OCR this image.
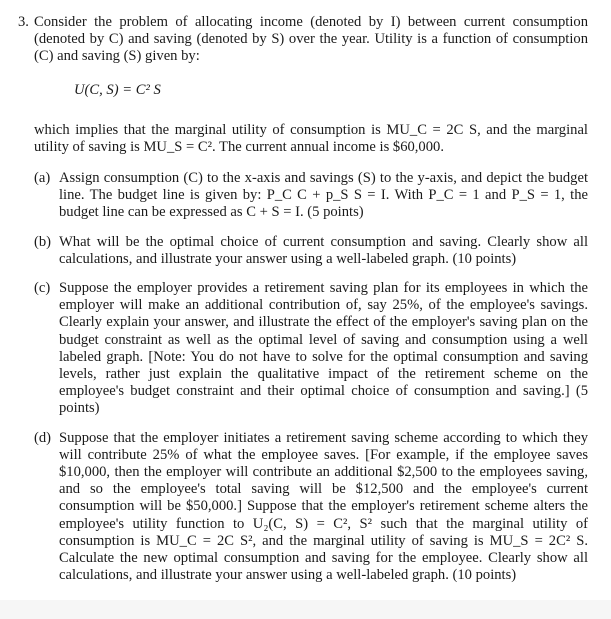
3. Consider the problem of allocating income (denoted by I) between current consumption (denoted by C) and saving (denoted by S) over the year. Utility is a function of consumption (C) and saving (S) given by:
U(C, S) = C² S
which implies that the marginal utility of consumption is MU_C = 2C S, and the marginal utility of saving is MU_S = C². The current annual income is $60,000.
(a) Assign consumption (C) to the x-axis and savings (S) to the y-axis, and depict the budget line. The budget line is given by: P_C C + p_S S = I. With P_C = 1 and P_S = 1, the budget line can be expressed as C + S = I. (5 points)
(b) What will be the optimal choice of current consumption and saving. Clearly show all calculations, and illustrate your answer using a well-labeled graph. (10 points)
(c) Suppose the employer provides a retirement saving plan for its employees in which the employer will make an additional contribution of, say 25%, of the employee's savings. Clearly explain your answer, and illustrate the effect of the employer's saving plan on the budget constraint as well as the optimal level of saving and consumption using a well labeled graph. [Note: You do not have to solve for the optimal consumption and saving levels, rather just explain the qualitative impact of the retirement scheme on the employee's budget constraint and their optimal choice of consumption and saving.] (5 points)
(d) Suppose that the employer initiates a retirement saving scheme according to which they will contribute 25% of what the employee saves. [For example, if the employee saves $10,000, then the employer will contribute an additional $2,500 to the employees saving, and so the employee's total saving will be $12,500 and the employee's current consumption will be $50,000.] Suppose that the employer's retirement scheme alters the employee's utility function to U₂(C, S) = C², S² such that the marginal utility of consumption is MU_C = 2C S², and the marginal utility of saving is MU_S = 2C² S. Calculate the new optimal consumption and saving for the employee. Clearly show all calculations, and illustrate your answer using a well-labeled graph. (10 points)
